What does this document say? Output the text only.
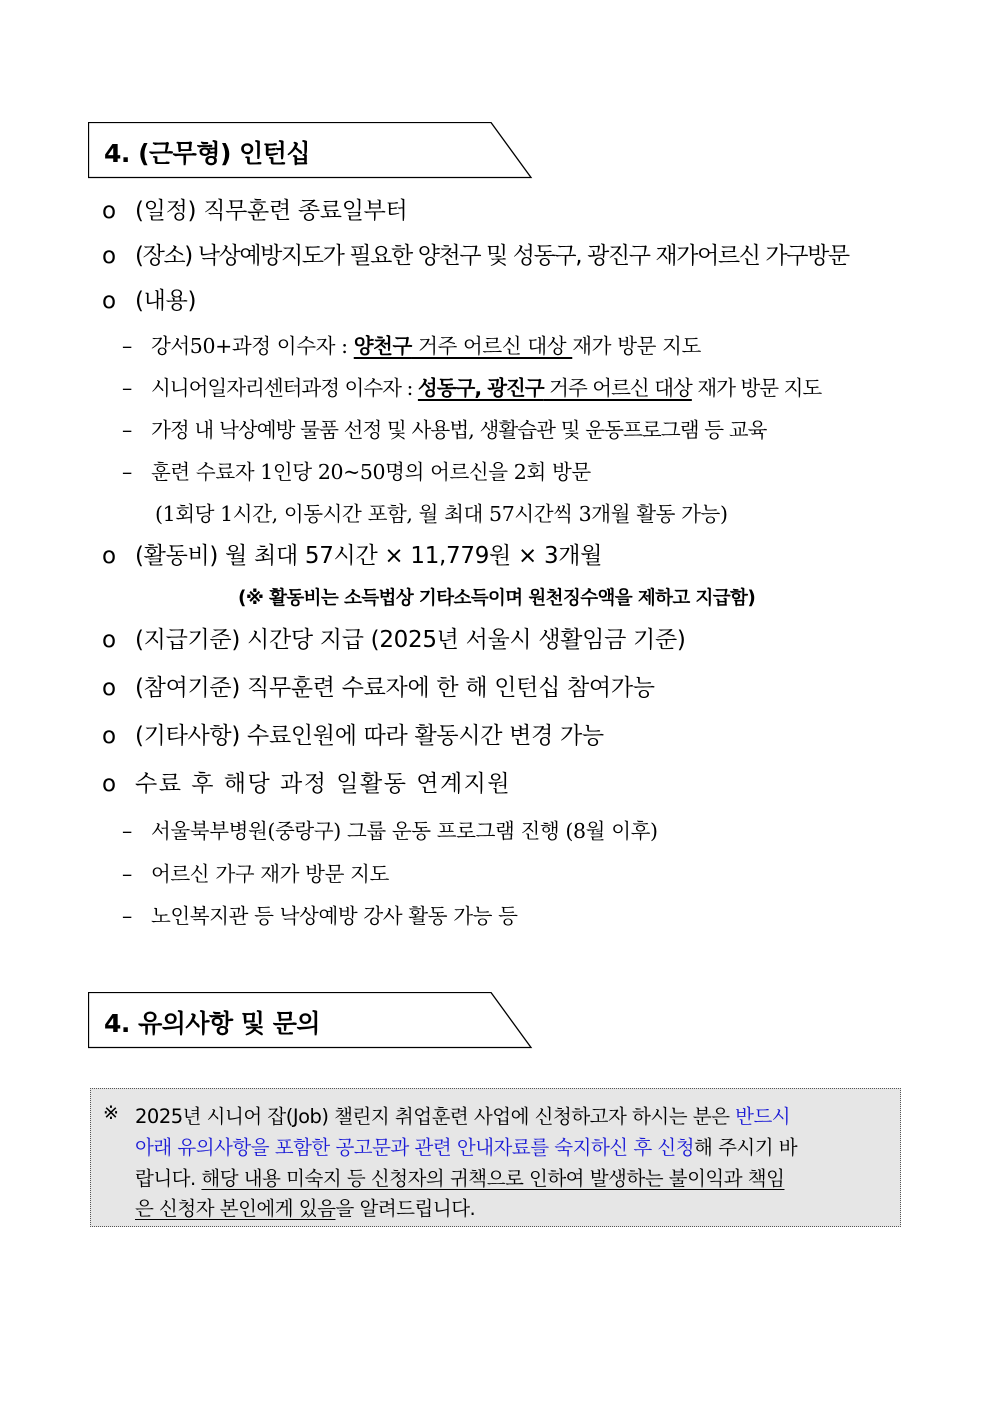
4. (근무형) 인턴십
ο (일정) 직무훈련 종료일부터
ο (장소) 낙상예방지도가 필요한 양천구 및 성동구, 광진구 재가어르신 가구방문
ο (내용)
– 강서50+과정 이수자 : 양천구 거주 어르신 대상 재가 방문 지도
– 시니어일자리센터과정 이수자 : 성동구, 광진구 거주 어르신 대상 재가 방문 지도
– 가정 내 낙상예방 물품 선정 및 사용법, 생활습관 및 운동프로그램 등 교육
– 훈련 수료자 1인당 20~50명의 어르신을 2회 방문
(1회당 1시간, 이동시간 포함, 월 최대 57시간씩 3개월 활동 가능)
ο (활동비) 월 최대 57시간 × 11,779원 × 3개월
(※ 활동비는 소득법상 기타소득이며 원천징수액을 제하고 지급함)
ο (지급기준) 시간당 지급 (2025년 서울시 생활임금 기준)
ο (참여기준) 직무훈련 수료자에 한 해 인턴십 참여가능
ο (기타사항) 수료인원에 따라 활동시간 변경 가능
ο 수료 후 해당 과정 일활동 연계지원
– 서울북부병원(중랑구) 그룹 운동 프로그램 진행 (8월 이후)
– 어르신 가구 재가 방문 지도
– 노인복지관 등 낙상예방 강사 활동 가능 등
4. 유의사항 및 문의
※ 2025년 시니어 잡(Job) 챌린지 취업훈련 사업에 신청하고자 하시는 분은 반드시
아래 유의사항을 포함한 공고문과 관련 안내자료를 숙지하신 후 신청해 주시기 바
랍니다. 해당 내용 미숙지 등 신청자의 귀책으로 인하여 발생하는 불이익과 책임
은 신청자 본인에게 있음을 알려드립니다.
